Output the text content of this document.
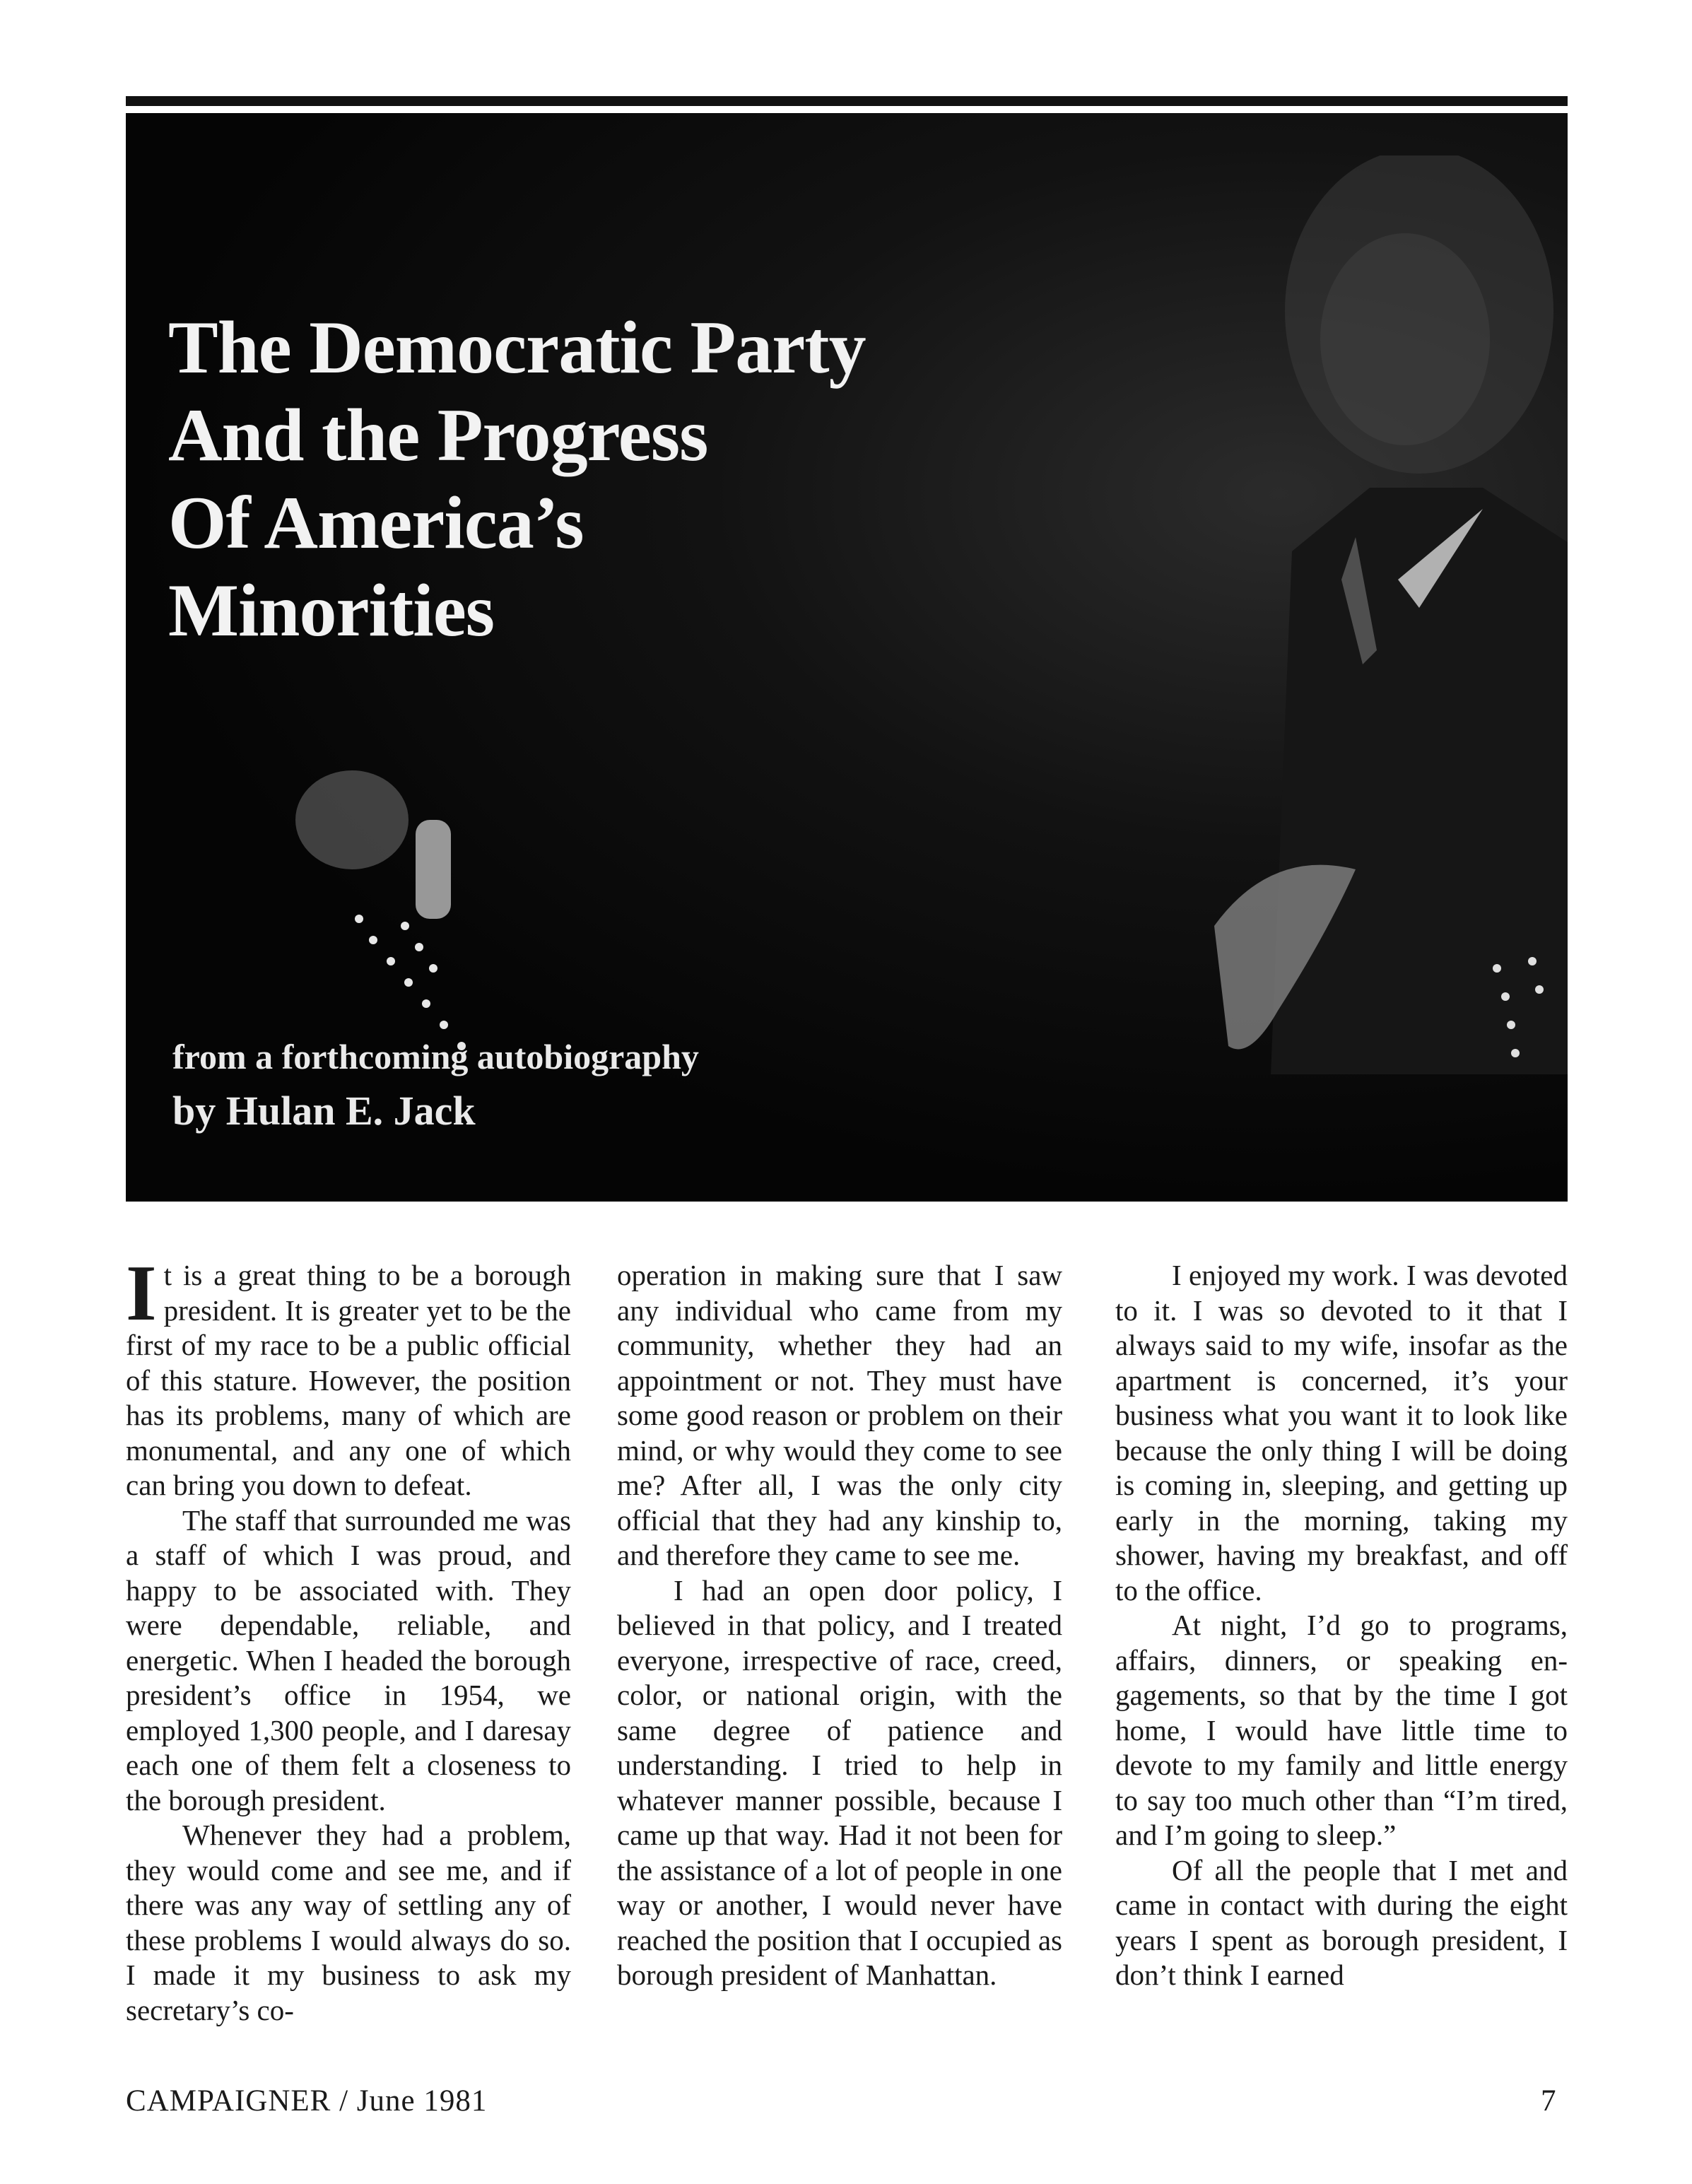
The Democratic Party
And the Progress
Of America’s
Minorities
from a forthcoming autobiography
by Hulan E. Jack

It is a great thing to be a borough president. It is greater yet to be the first of my race to be a public official of this stature. However, the position has its problems, many of which are monumental, and any one of which can bring you down to defeat.

The staff that surrounded me was a staff of which I was proud, and happy to be associated with. They were dependable, reliable, and energetic. When I headed the borough president’s office in 1954, we employed 1,300 people, and I daresay each one of them felt a closeness to the borough president.

Whenever they had a problem, they would come and see me, and if there was any way of settling any of these problems I would always do so. I made it my business to ask my secretary’s co-

operation in making sure that I saw any individual who came from my community, whether they had an appointment or not. They must have some good reason or problem on their mind, or why would they come to see me? After all, I was the only city official that they had any kinship to, and therefore they came to see me.

I had an open door policy, I believed in that policy, and I treated everyone, irrespective of race, creed, color, or national origin, with the same degree of patience and understanding. I tried to help in whatever manner possible, because I came up that way. Had it not been for the assistance of a lot of people in one way or another, I would never have reached the position that I occupied as borough president of Manhattan.

I enjoyed my work. I was devoted to it. I was so devoted to it that I always said to my wife, insofar as the apartment is concerned, it’s your business what you want it to look like because the only thing I will be doing is coming in, sleeping, and getting up early in the morning, taking my shower, having my breakfast, and off to the office.

At night, I’d go to programs, affairs, dinners, or speaking engagements, so that by the time I got home, I would have little time to devote to my family and little energy to say too much other than “I’m tired, and I’m going to sleep.”

Of all the people that I met and came in contact with during the eight years I spent as borough president, I don’t think I earned

CAMPAIGNER / June 1981	7
